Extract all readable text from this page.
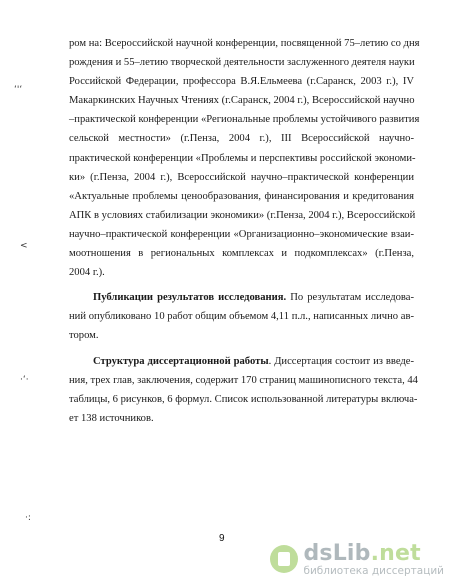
ром на: Всероссийской научной конференции, посвященной 75–летию со дня
рождения и 55–летию творческой деятельности заслуженного деятеля науки
Российской Федерации, профессора В.Я.Ельмеева (г.Саранск, 2003 г.), IV
Макаркинских Научных Чтениях (г.Саранск, 2004 г.), Всероссийской научно
–практической конференции «Региональные проблемы устойчивого развития
сельской местности» (г.Пенза, 2004 г.), III Всероссийской научно-
практической конференции «Проблемы и перспективы российской экономи-
ки» (г.Пенза, 2004 г.), Всероссийской научно–практической конференции
«Актуальные проблемы ценообразования, финансирования и кредитования
АПК в условиях стабилизации экономики» (г.Пенза, 2004 г.), Всероссийской
научно–практической конференции «Организационно–экономические взаи-
моотношения в региональных комплексах и подкомплексах» (г.Пенза,
2004 г.).
Публикации результатов исследования. По результатам исследова-
ний опубликовано 10 работ общим объемом 4,11 п.л., написанных лично ав-
тором.
Структура диссертационной работы. Диссертация состоит из введе-
ния, трех глав, заключения, содержит 170 страниц машинописного текста, 44
таблицы, 6 рисунков, 6 формул. Список использованной литературы включа-
ет 138 источников.
ʻ'ʻ
<
·ʻ·
·:
9
dsLib.net
библиотека диссертаций
